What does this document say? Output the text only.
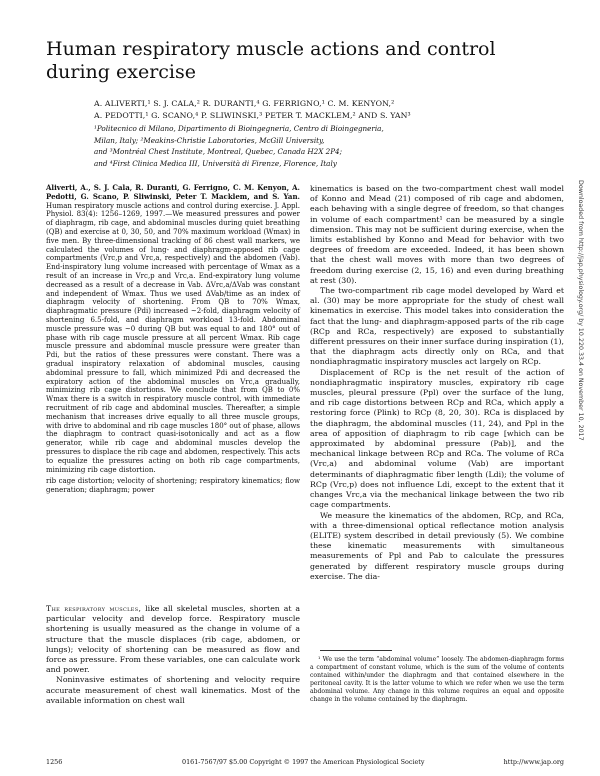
Human respiratory muscle actions and control
during exercise
A. ALIVERTI,¹ S. J. CALA,² R. DURANTI,⁴ G. FERRIGNO,¹ C. M. KENYON,²
A. PEDOTTI,¹ G. SCANO,⁴ P. SLIWINSKI,³ PETER T. MACKLEM,² AND S. YAN³
¹Politecnico di Milano, Dipartimento di Bioingegneria, Centro di Bioingegneria,
Milan, Italy; ²Meakins-Christie Laboratories, McGill University,
and ³Montréal Chest Institute, Montreal, Quebec, Canada H2X 2P4;
and ⁴First Clinica Medica III, Università di Firenze, Florence, Italy

Aliverti, A., S. J. Cala, R. Duranti, G. Ferrigno, C. M. Kenyon, A. Pedotti, G. Scano, P. Sliwinski, Peter T. Macklem, and S. Yan. Human respiratory muscle actions and control during exercise. J. Appl. Physiol. 83(4): 1256–1269, 1997.—We measured pressures and power of diaphragm, rib cage, and abdominal muscles during quiet breathing (QB) and exercise at 0, 30, 50, and 70% maximum workload (Wmax) in five men. By three-dimensional tracking of 86 chest wall markers, we calculated the volumes of lung- and diaphragm-apposed rib cage compartments (Vrc,p and Vrc,a, respectively) and the abdomen (Vab). End-inspiratory lung volume increased with percentage of Wmax as a result of an increase in Vrc,p and Vrc,a. End-expiratory lung volume decreased as a result of a decrease in Vab. ΔVrc,a/ΔVab was constant and independent of Wmax. Thus we used ΔVab/time as an index of diaphragm velocity of shortening. From QB to 70% Wmax, diaphragmatic pressure (Pdi) increased ~2-fold, diaphragm velocity of shortening 6.5-fold, and diaphragm workload 13-fold. Abdominal muscle pressure was ~0 during QB but was equal to and 180° out of phase with rib cage muscle pressure at all percent Wmax. Rib cage muscle pressure and abdominal muscle pressure were greater than Pdi, but the ratios of these pressures were constant. There was a gradual inspiratory relaxation of abdominal muscles, causing abdominal pressure to fall, which minimized Pdi and decreased the expiratory action of the abdominal muscles on Vrc,a gradually, minimizing rib cage distortions. We conclude that from QB to 0% Wmax there is a switch in respiratory muscle control, with immediate recruitment of rib cage and abdominal muscles. Thereafter, a simple mechanism that increases drive equally to all three muscle groups, with drive to abdominal and rib cage muscles 180° out of phase, allows the diaphragm to contract quasi-isotonically and act as a flow generator, while rib cage and abdominal muscles develop the pressures to displace the rib cage and abdomen, respectively. This acts to equalize the pressures acting on both rib cage compartments, minimizing rib cage distortion.

rib cage distortion; velocity of shortening; respiratory kinematics; flow generation; diaphragm; power

The respiratory muscles, like all skeletal muscles, shorten at a particular velocity and develop force. Respiratory muscle shortening is usually measured as the change in volume of a structure that the muscle displaces (rib cage, abdomen, or lungs); velocity of shortening can be measured as flow and force as pressure. From these variables, one can calculate work and power.

Noninvasive estimates of shortening and velocity require accurate measurement of chest wall kinematics. Most of the available information on chest wall

kinematics is based on the two-compartment chest wall model of Konno and Mead (21) composed of rib cage and abdomen, each behaving with a single degree of freedom, so that changes in volume of each compartment¹ can be measured by a single dimension. This may not be sufficient during exercise, when the limits established by Konno and Mead for behavior with two degrees of freedom are exceeded. Indeed, it has been shown that the chest wall moves with more than two degrees of freedom during exercise (2, 15, 16) and even during breathing at rest (30).

The two-compartment rib cage model developed by Ward et al. (30) may be more appropriate for the study of chest wall kinematics in exercise. This model takes into consideration the fact that the lung- and diaphragm-apposed parts of the rib cage (RCp and RCa, respectively) are exposed to substantially different pressures on their inner surface during inspiration (1), that the diaphragm acts directly only on RCa, and that nondiaphragmatic inspiratory muscles act largely on RCp.

Displacement of RCp is the net result of the action of nondiaphragmatic inspiratory muscles, expiratory rib cage muscles, pleural pressure (Ppl) over the surface of the lung, and rib cage distortions between RCp and RCa, which apply a restoring force (Plink) to RCp (8, 20, 30). RCa is displaced by the diaphragm, the abdominal muscles (11, 24), and Ppl in the area of apposition of diaphragm to rib cage [which can be approximated by abdominal pressure (Pab)], and the mechanical linkage between RCp and RCa. The volume of RCa (Vrc,a) and abdominal volume (Vab) are important determinants of diaphragmatic fiber length (Ldi); the volume of RCp (Vrc,p) does not influence Ldi, except to the extent that it changes Vrc,a via the mechanical linkage between the two rib cage compartments.

We measure the kinematics of the abdomen, RCp, and RCa, with a three-dimensional optical reflectance motion analysis (ELITE) system described in detail previously (5). We combine these kinematic measurements with simultaneous measurements of Ppl and Pab to calculate the pressures generated by different respiratory muscle groups during exercise. The dia-

¹ We use the term “abdominal volume” loosely. The abdomen-diaphragm forms a compartment of constant volume, which is the sum of the volume of contents contained within/under the diaphragm and that contained elsewhere in the peritoneal cavity. It is the latter volume to which we refer when we use the term abdominal volume. Any change in this volume requires an equal and opposite change in the volume contained by the diaphragm.

Downloaded from http://jap.physiology.org/ by 10.220.33.4 on November 10, 2017
1256	0161-7567/97 $5.00 Copyright © 1997 the American Physiological Society	http://www.jap.org
